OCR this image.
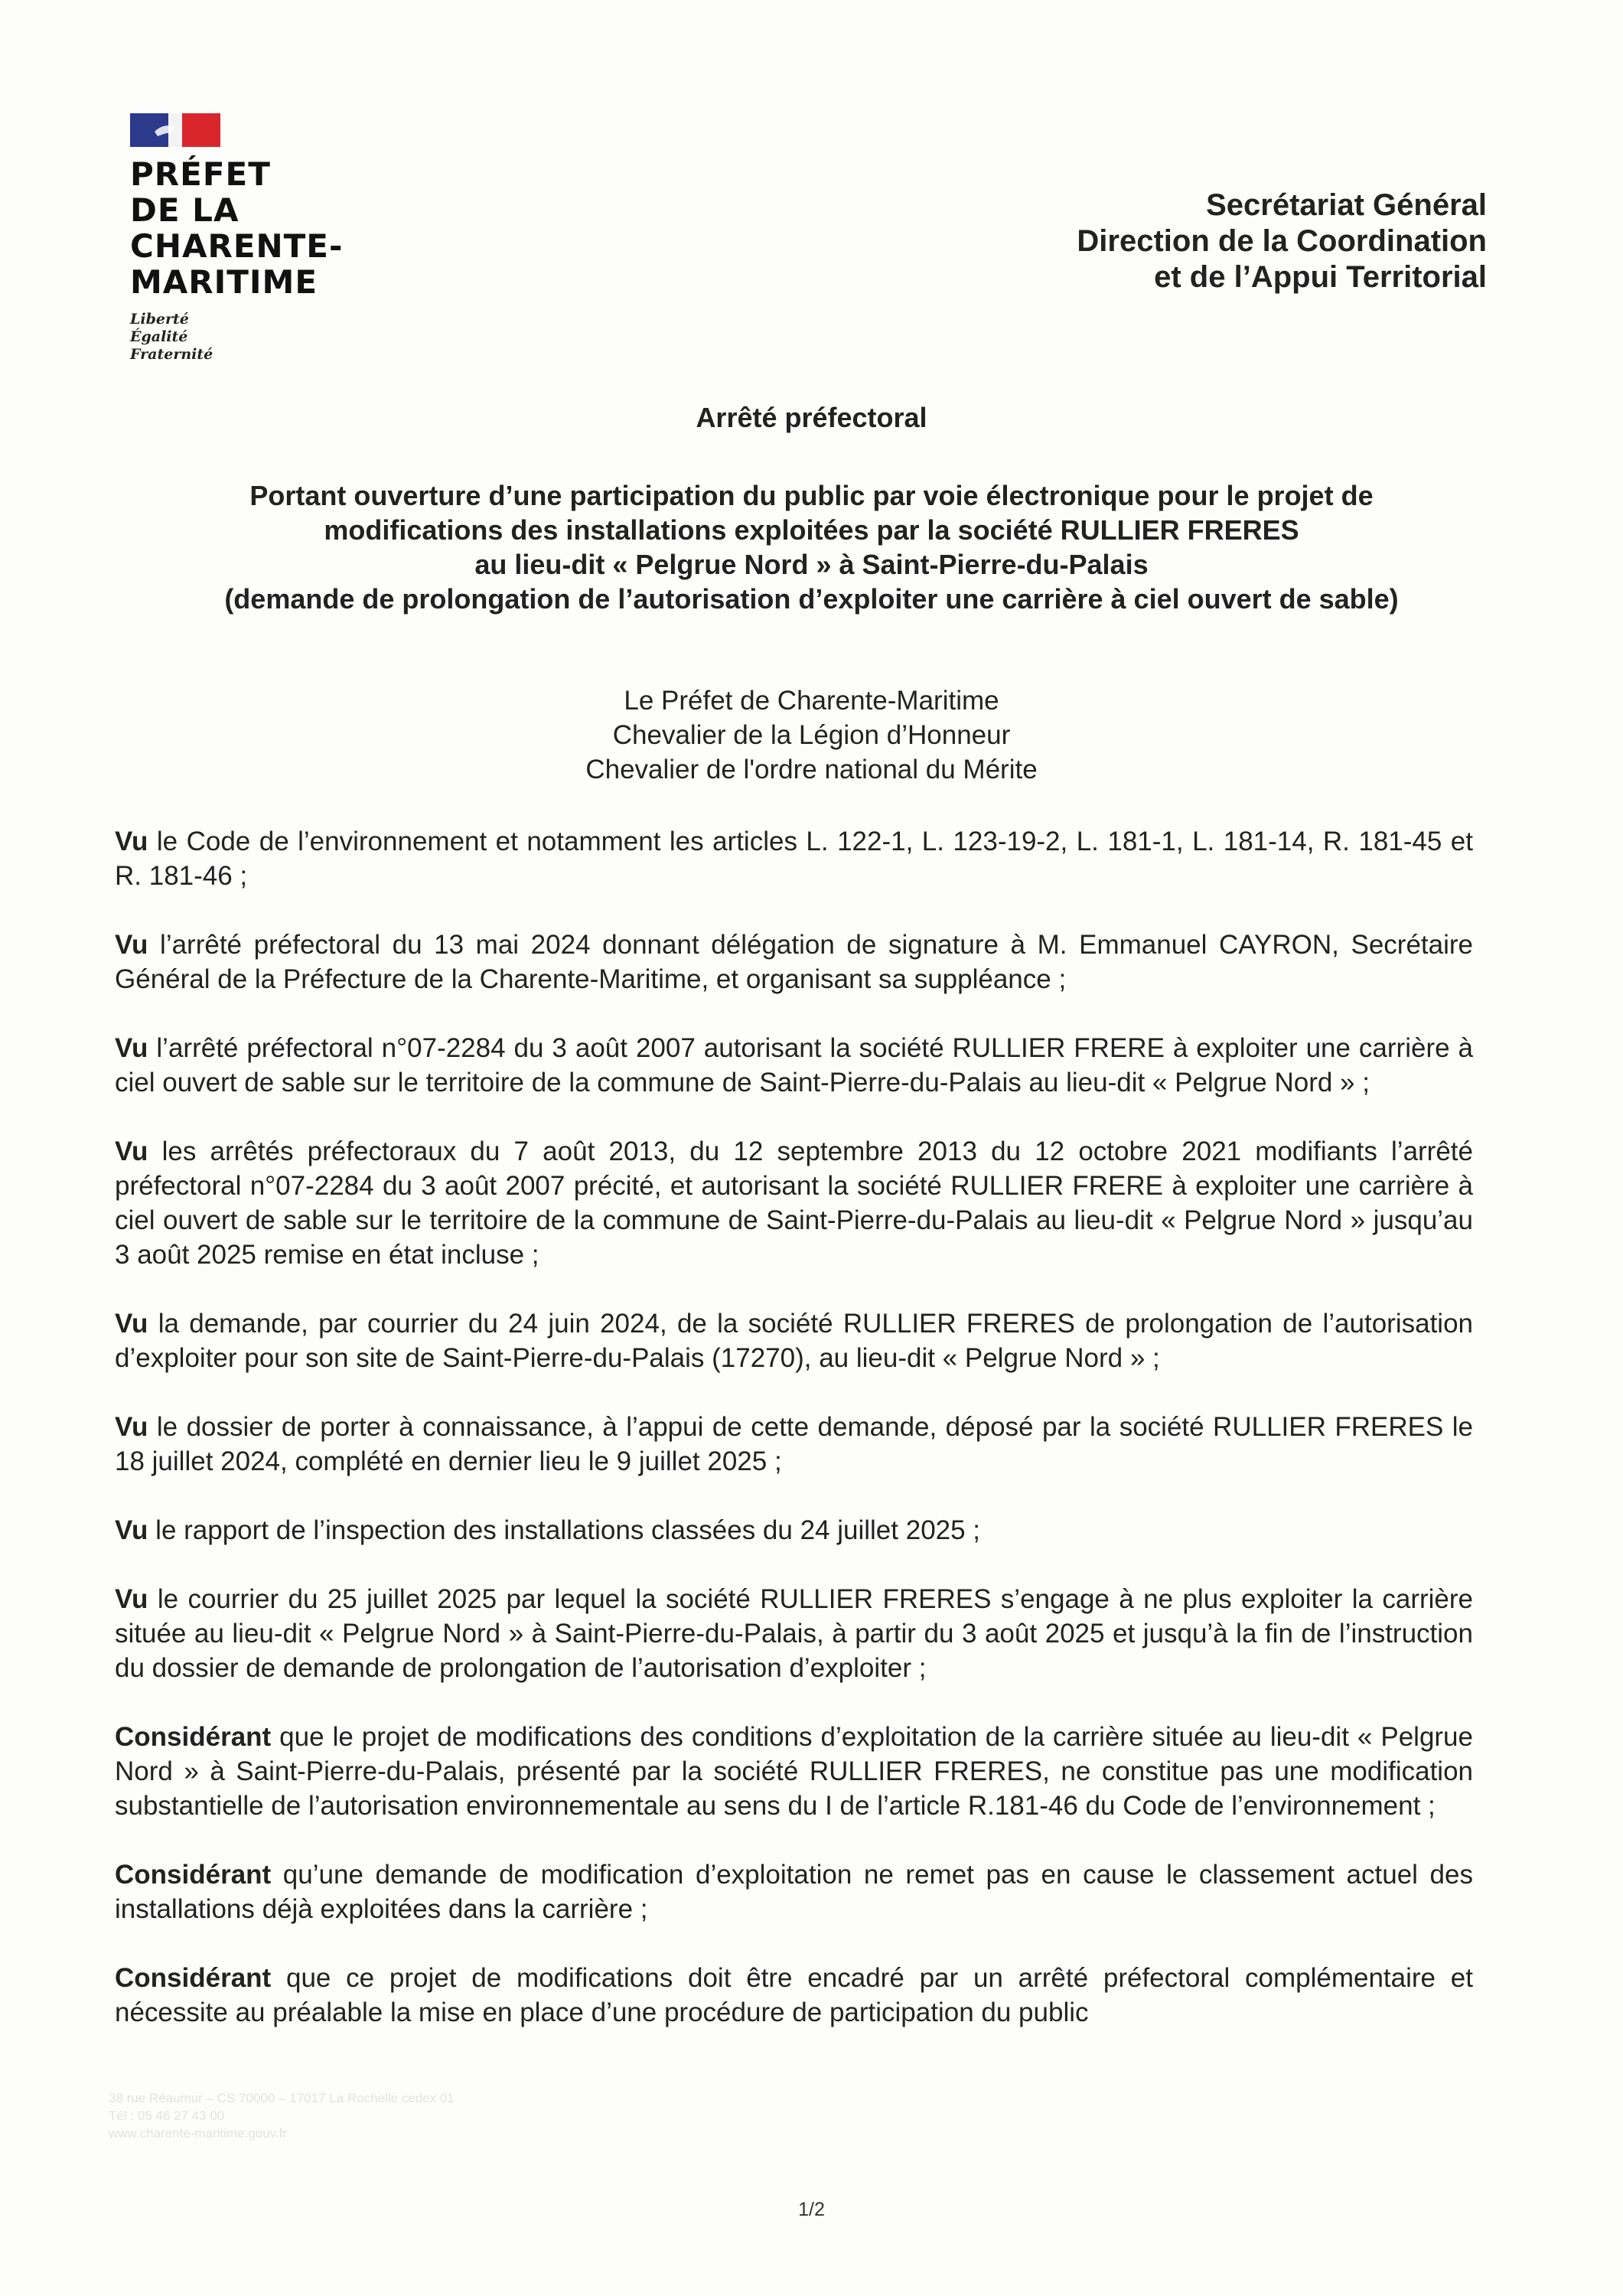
PRÉFET
DE LA
CHARENTE-
MARITIME
Liberté
Égalité
Fraternité
Secrétariat Général
Direction de la Coordination
et de l’Appui Territorial
Arrêté préfectoral
Portant ouverture d’une participation du public par voie électronique pour le projet de
modifications des installations exploitées par la société RULLIER FRERES
au lieu-dit « Pelgrue Nord » à Saint-Pierre-du-Palais
(demande de prolongation de l’autorisation d’exploiter une carrière à ciel ouvert de sable)
Le Préfet de Charente-Maritime
Chevalier de la Légion d’Honneur
Chevalier de l'ordre national du Mérite

Vu le Code de l’environnement et notamment les articles L. 122-1, L. 123-19-2, L. 181-1, L. 181-14, R. 181-45 et R. 181-46 ;

Vu l’arrêté préfectoral du 13 mai 2024 donnant délégation de signature à M. Emmanuel CAYRON, Secrétaire Général de la Préfecture de la Charente-Maritime, et organisant sa suppléance ;

Vu l’arrêté préfectoral n°07-2284 du 3 août 2007 autorisant la société RULLIER FRERE à exploiter une carrière à ciel ouvert de sable sur le territoire de la commune de Saint-Pierre-du-Palais au lieu-dit « Pelgrue Nord » ;

Vu les arrêtés préfectoraux du 7 août 2013, du 12 septembre 2013 du 12 octobre 2021 modifiants l’arrêté préfectoral n°07-2284 du 3 août 2007 précité, et autorisant la société RULLIER FRERE à exploiter une carrière à ciel ouvert de sable sur le territoire de la commune de Saint-Pierre-du-Palais au lieu-dit « Pelgrue Nord » jusqu’au 3 août 2025 remise en état incluse ;

Vu la demande, par courrier du 24 juin 2024, de la société RULLIER FRERES de prolongation de l’autorisation d’exploiter pour son site de Saint-Pierre-du-Palais (17270), au lieu-dit « Pelgrue Nord » ;

Vu le dossier de porter à connaissance, à l’appui de cette demande, déposé par la société RULLIER FRERES le 18 juillet 2024, complété en dernier lieu le 9 juillet 2025 ;

Vu le rapport de l’inspection des installations classées du 24 juillet 2025 ;

Vu le courrier du 25 juillet 2025 par lequel la société RULLIER FRERES s’engage à ne plus exploiter la carrière située au lieu-dit « Pelgrue Nord » à Saint-Pierre-du-Palais, à partir du 3 août 2025 et jusqu’à la fin de l’instruction du dossier de demande de prolongation de l’autorisation d’exploiter ;

Considérant que le projet de modifications des conditions d’exploitation de la carrière située au lieu-dit « Pelgrue Nord » à Saint-Pierre-du-Palais, présenté par la société RULLIER FRERES, ne constitue pas une modification substantielle de l’autorisation environnementale au sens du I de l’article R.181-46 du Code de l’environnement ;

Considérant qu’une demande de modification d’exploitation ne remet pas en cause le classement actuel des installations déjà exploitées dans la carrière ;

Considérant que ce projet de modifications doit être encadré par un arrêté préfectoral complémentaire et nécessite au préalable la mise en place d’une procédure de participation du public

38 rue Réaumur – CS 70000 – 17017 La Rochelle cedex 01
Tél : 05 46 27 43 00
www.charente-maritime.gouv.fr
1/2
